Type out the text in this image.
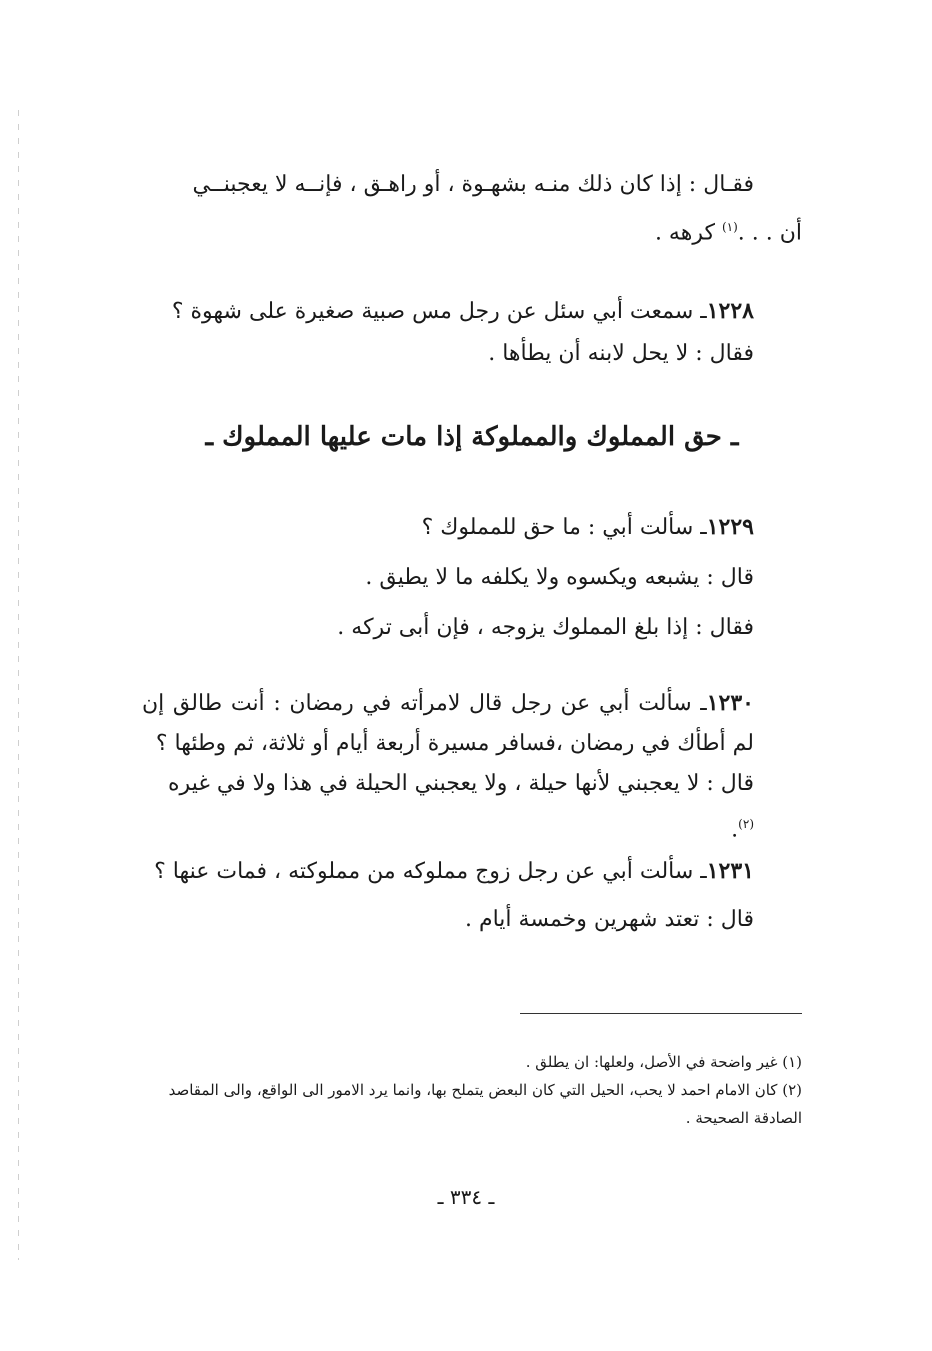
فقـال : إذا كان ذلك منـه بشهـوة ، أو راهـق ، فإنــه لا يعجبنــي

أن . . .$^{(١)}$ كرهه .

١٢٢٨ـ سمعت أبي سئل عن رجل مس صبية صغيرة على شهوة ؟

فقال : لا يحل لابنه أن يطأها .

ـ حق المملوك والمملوكة إذا مات عليها المملوك ـ

١٢٢٩ـ سألت أبي : ما حق للمملوك ؟

قال : يشبعه ويكسوه ولا يكلفه ما لا يطيق .

فقال : إذا بلغ المملوك يزوجه ، فإن أبى تركه .

١٢٣٠ـ سألت أبي عن رجل قال لامرأته في رمضان : أنت طالق إن لم أطأك في رمضان ،فسافر مسيرة أربعة أيام أو ثلاثة، ثم وطئها ؟

قال : لا يعجبني لأنها حيلة ، ولا يعجبني الحيلة في هذا ولا في غيره $^{(٢)}$.

١٢٣١ـ سألت أبي عن رجل زوج مملوكه من مملوكته ، فمات عنها ؟

قال : تعتد شهرين وخمسة أيام .

(١) غير واضحة في الأصل، ولعلها: ان يطلق .

(٢) كان الامام احمد لا يحب، الحيل التي كان البعض يتملح بها، وانما يرد الامور الى الواقع، والى المقاصد الصادقة الصحيحة .

ـ ٣٣٤ ـ
